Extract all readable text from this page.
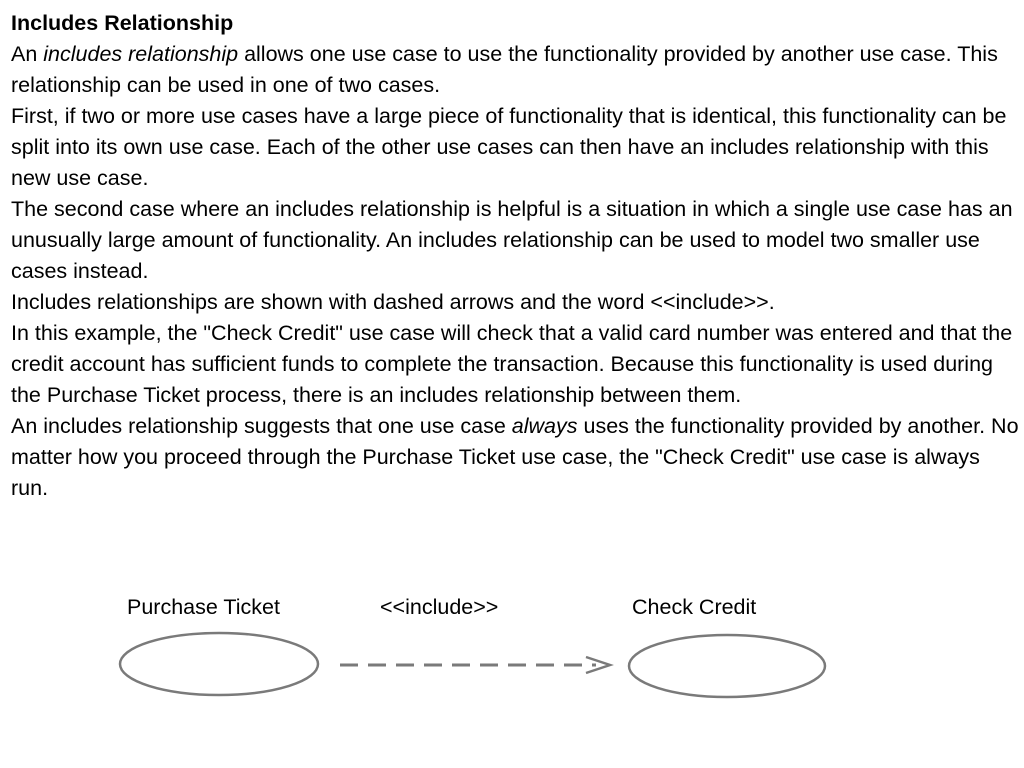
Includes Relationship

An includes relationship allows one use case to use the functionality provided by another use case. This relationship can be used in one of two cases.

First, if two or more use cases have a large piece of functionality that is identical, this functionality can be split into its own use case. Each of the other use cases can then have an includes relationship with this new use case.

The second case where an includes relationship is helpful is a situation in which a single use case has an unusually large amount of functionality. An includes relationship can be used to model two smaller use cases instead.

Includes relationships are shown with dashed arrows and the word <<include>>.

In this example, the "Check Credit" use case will check that a valid card number was entered and that the credit account has sufficient funds to complete the transaction. Because this functionality is used during the Purchase Ticket process, there is an includes relationship between them.

An includes relationship suggests that one use case always uses the functionality provided by another. No matter how you proceed through the Purchase Ticket use case, the "Check Credit" use case is always run.

Purchase Ticket	<<include>>	Check Credit
